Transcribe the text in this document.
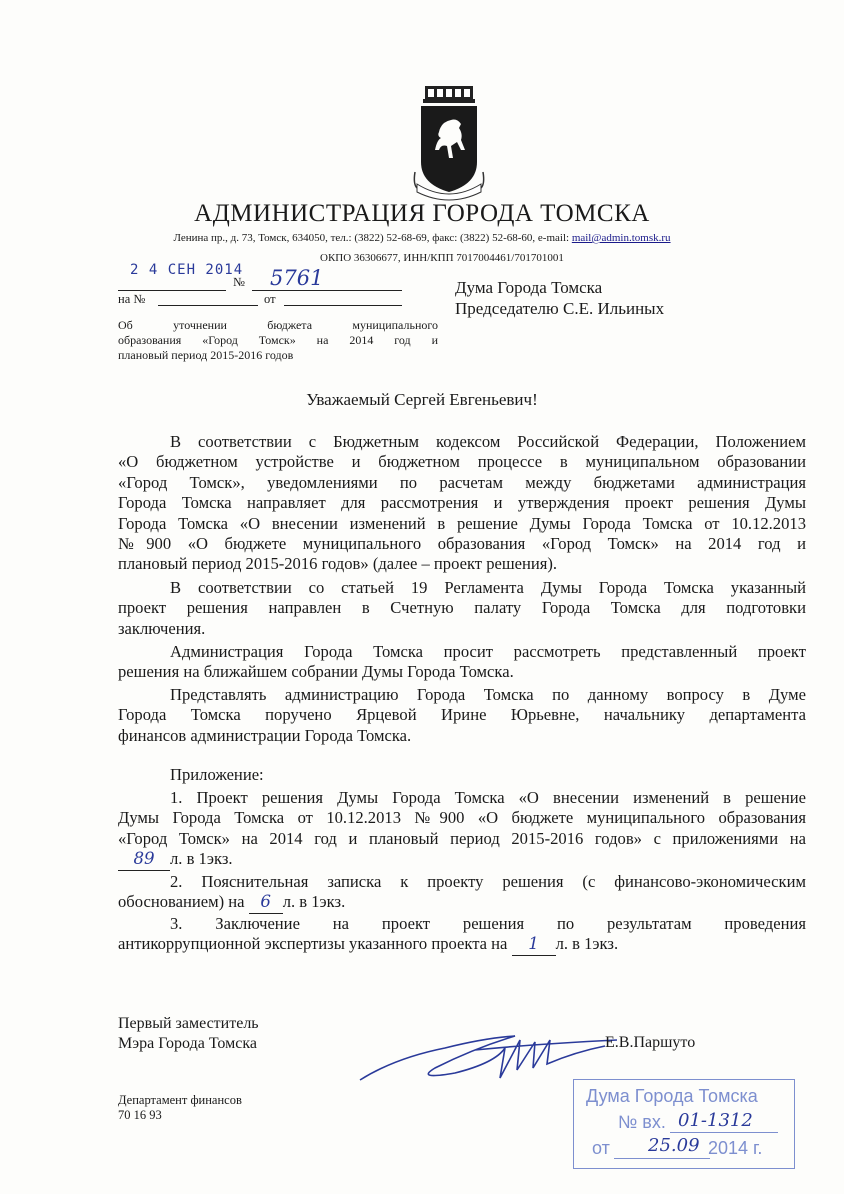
АДМИНИСТРАЦИЯ ГОРОДА ТОМСКА
Ленина пр., д. 73, Томск, 634050, тел.: (3822) 52-68-69, факс: (3822) 52-68-60, e-mail: mail@admin.tomsk.ru
ОКПО 36306677, ИНН/КПП 7017004461/701701001
2 4 СЕН 2014
№ 5761
на №	от
Дума Города Томска
Председателю С.Е. Ильиных
Об уточнении бюджета муниципального
образования «Город Томск» на 2014 год и
плановый период 2015-2016 годов
Уважаемый Сергей Евгеньевич!
В соответствии с Бюджетным кодексом Российской Федерации, Положением
«О бюджетном устройстве и бюджетном процессе в муниципальном образовании
«Город Томск», уведомлениями по расчетам между бюджетами администрация
Города Томска направляет для рассмотрения и утверждения проект решения Думы
Города Томска «О внесении изменений в решение Думы Города Томска от 10.12.2013
№900 «О бюджете муниципального образования «Город Томск» на 2014 год и
плановый период 2015-2016 годов» (далее – проект решения).
В соответствии со статьей 19 Регламента Думы Города Томска указанный
проект решения направлен в Счетную палату Города Томска для подготовки
заключения.
Администрация Города Томска просит рассмотреть представленный проект
решения на ближайшем собрании Думы Города Томска.
Представлять администрацию Города Томска по данному вопросу в Думе
Города Томска поручено Ярцевой Ирине Юрьевне, начальнику департамента
финансов администрации Города Томска.
Приложение:
1. Проект решения Думы Города Томска «О внесении изменений в решение
Думы Города Томска от 10.12.2013 №900 «О бюджете муниципального образования
«Город Томск» на 2014 год и плановый период 2015-2016 годов» с приложениями на
89 л. в 1экз.
2. Пояснительная записка к проекту решения (с финансово-экономическим
обоснованием) на 6 л. в 1экз.
3. Заключение на проект решения по результатам проведения
антикоррупционной экспертизы указанного проекта на 1 л. в 1экз.
Первый заместитель
Мэра Города Томска	Е.В.Паршуто
Департамент финансов
70 16 93
Дума Города Томска
№ вх. 01-1312
от 25.09 2014 г.
